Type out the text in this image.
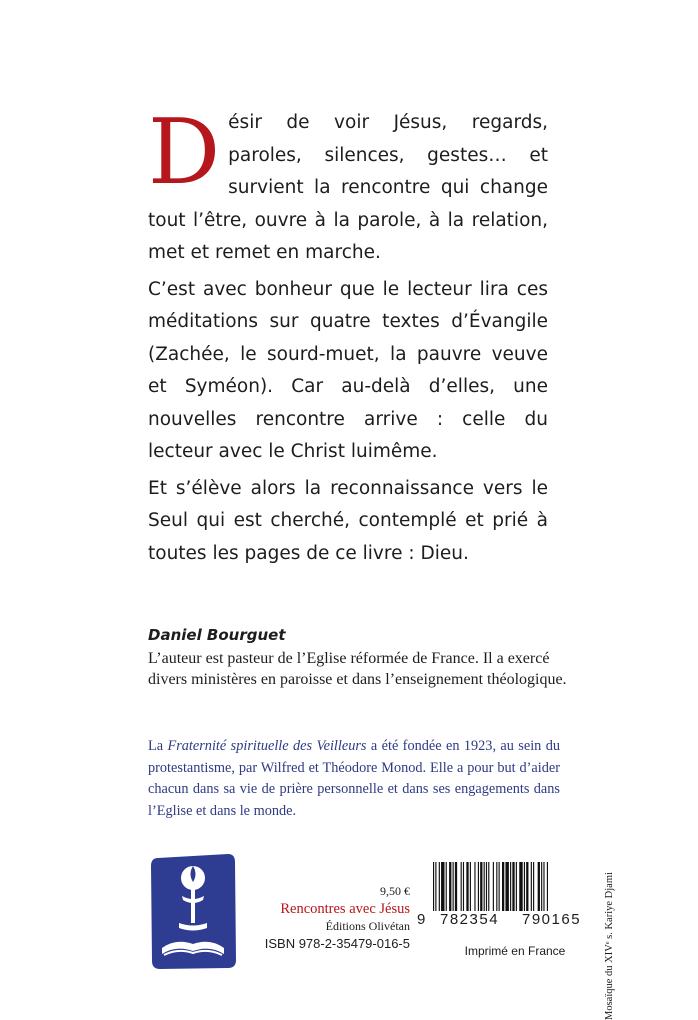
Désir de voir Jésus, regards, paroles, silences, gestes… et survient la rencontre qui change tout l’être, ouvre à la parole, à la relation, met et remet en marche.

C’est avec bonheur que le lecteur lira ces méditations sur quatre textes d’Évangile (Zachée, le sourd-muet, la pauvre veuve et Syméon). Car au-delà d’elles, une nouvelles rencontre arrive : celle du lecteur avec le Christ luimême.

Et s’élève alors la reconnaissance vers le Seul qui est cherché, contemplé et prié à toutes les pages de ce livre : Dieu.

Daniel Bourguet

L’auteur est pasteur de l’Eglise réformée de France. Il a exercé divers ministères en paroisse et dans l’enseignement théologique.

La Fraternité spirituelle des Veilleurs a été fondée en 1923, au sein du protestantisme, par Wilfred et Théodore Monod. Elle a pour but d’aider chacun dans sa vie de prière personnelle et dans ses engagements dans l’Eglise et dans le monde.

9,50 €
Rencontres avec Jésus
Éditions Olivétan
ISBN 978-2-35479-016-5
9 782354 790165
Imprimé en France	Mosaïque du XIVᵉ s. Kariye Djami
